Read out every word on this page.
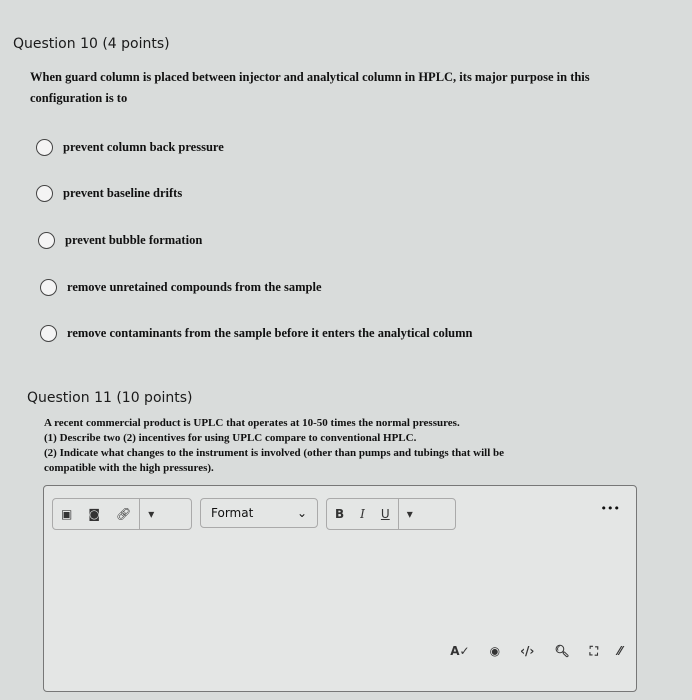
Question 10 (4 points)
When guard column is placed between injector and analytical column in HPLC, its major purpose in this
configuration is to
prevent column back pressure
prevent baseline drifts
prevent bubble formation
remove unretained compounds from the sample
remove contaminants from the sample before it enters the analytical column
Question 11 (10 points)
A recent commercial product is UPLC that operates at 10-50 times the normal pressures.
(1) Describe two (2) incentives for using UPLC compare to conventional HPLC.
(2) Indicate what changes to the instrument is involved (other than pumps and tubings that will be
compatible with the high pressures).
▣	◙	🔗︎	▾	Format	⌄	B	I	U	▾	•••
A✓ ◉ ‹/› 🔍︎ ⛶ ⁄⁄
